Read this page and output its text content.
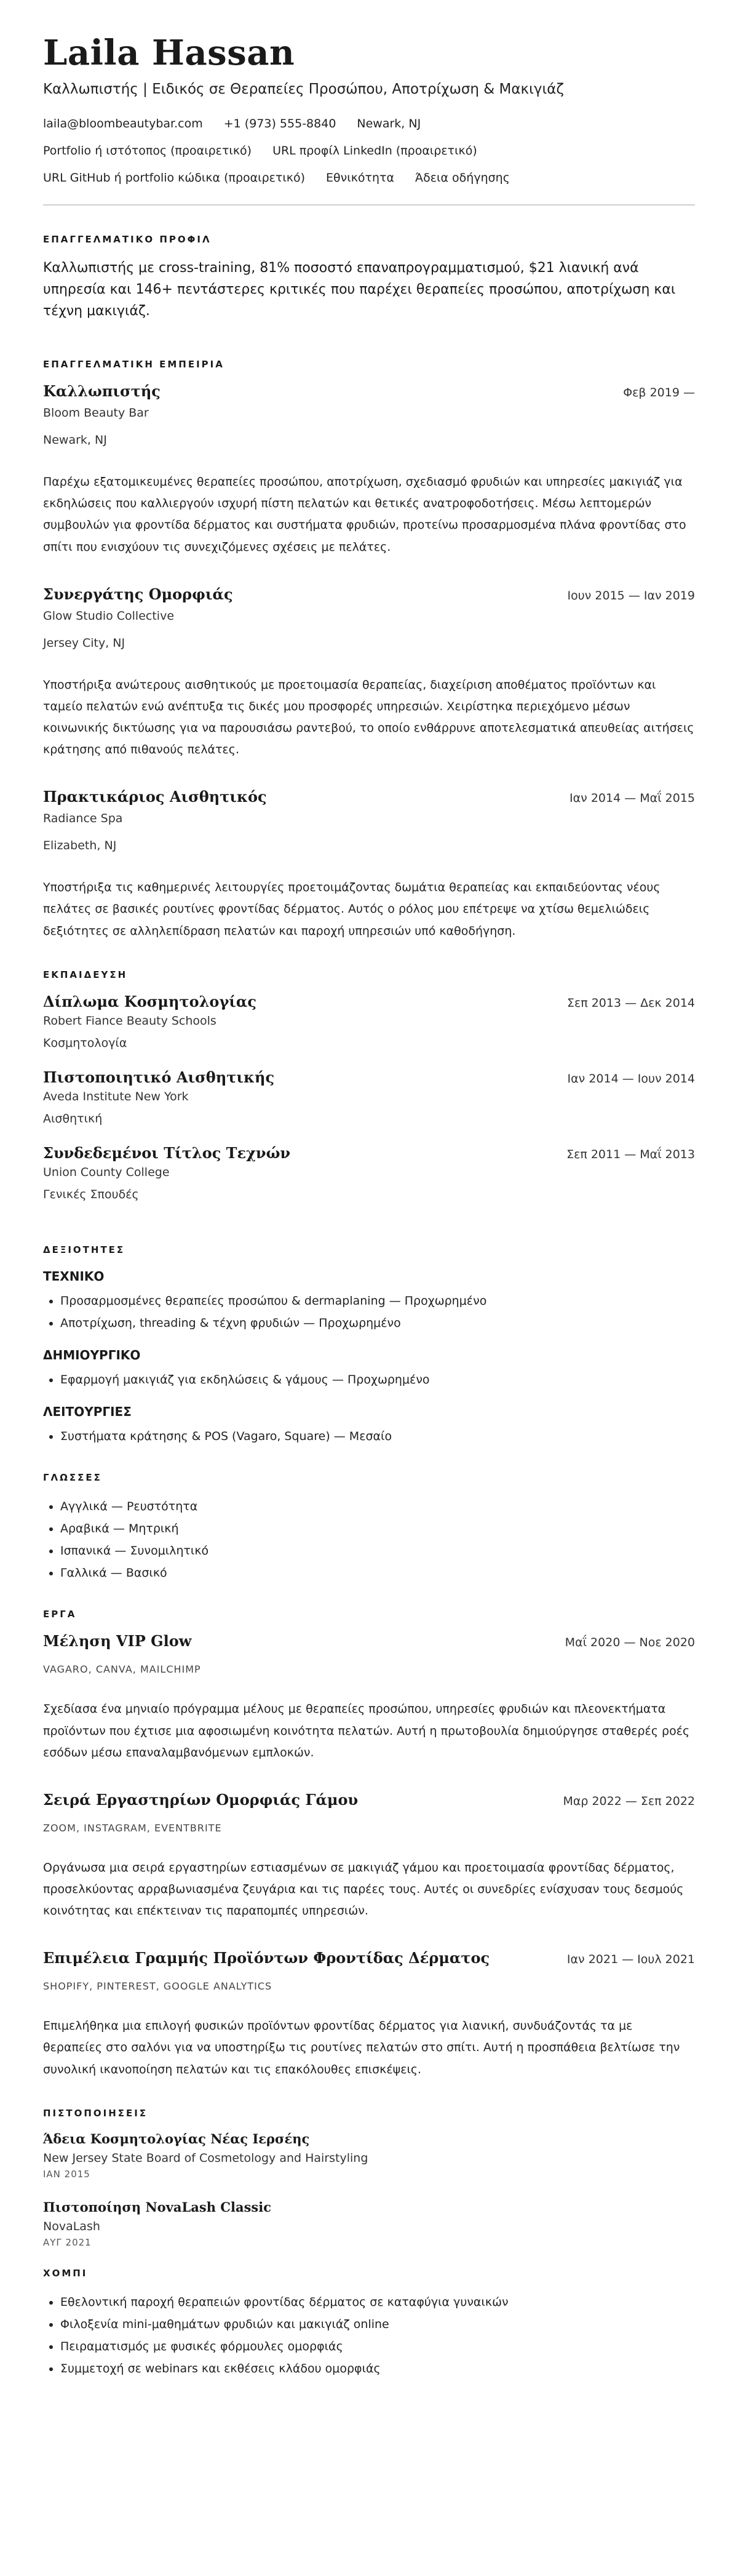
Laila Hassan
Καλλωπιστής | Ειδικός σε Θεραπείες Προσώπου, Αποτρίχωση & Μακιγιάζ
laila@bloombeautybar.com +1 (973) 555-8840 Newark, NJ
Portfolio ή ιστότοπος (προαιρετικό) URL προφίλ LinkedIn (προαιρετικό)
URL GitHub ή portfolio κώδικα (προαιρετικό) Εθνικότητα Άδεια οδήγησης
ΕΠΑΓΓΕΛΜΑΤΙΚΟ ΠΡΟΦΙΛ

Καλλωπιστής με cross-training, 81% ποσοστό επαναπρογραμματισμού, $21 λιανική ανά υπηρεσία και 146+ πεντάστερες κριτικές που παρέχει θεραπείες προσώπου, αποτρίχωση και τέχνη μακιγιάζ.

ΕΠΑΓΓΕΛΜΑΤΙΚΗ ΕΜΠΕΙΡΙΑ
Καλλωπιστής	Φεβ 2019 —
Bloom Beauty Bar
Newark, NJ
Παρέχω εξατομικευμένες θεραπείες προσώπου, αποτρίχωση, σχεδιασμό φρυδιών και υπηρεσίες μακιγιάζ για εκδηλώσεις που καλλιεργούν ισχυρή πίστη πελατών και θετικές ανατροφοδοτήσεις. Μέσω λεπτομερών συμβουλών για φροντίδα δέρματος και συστήματα φρυδιών, προτείνω προσαρμοσμένα πλάνα φροντίδας στο σπίτι που ενισχύουν τις συνεχιζόμενες σχέσεις με πελάτες.
Συνεργάτης Ομορφιάς	Ιουν 2015 — Ιαν 2019
Glow Studio Collective
Jersey City, NJ
Υποστήριξα ανώτερους αισθητικούς με προετοιμασία θεραπείας, διαχείριση αποθέματος προϊόντων και ταμείο πελατών ενώ ανέπτυξα τις δικές μου προσφορές υπηρεσιών. Χειρίστηκα περιεχόμενο μέσων κοινωνικής δικτύωσης για να παρουσιάσω ραντεβού, το οποίο ενθάρρυνε αποτελεσματικά απευθείας αιτήσεις κράτησης από πιθανούς πελάτες.
Πρακτικάριος Αισθητικός	Ιαν 2014 — Μαΐ 2015
Radiance Spa
Elizabeth, NJ
Υποστήριξα τις καθημερινές λειτουργίες προετοιμάζοντας δωμάτια θεραπείας και εκπαιδεύοντας νέους πελάτες σε βασικές ρουτίνες φροντίδας δέρματος. Αυτός ο ρόλος μου επέτρεψε να χτίσω θεμελιώδεις δεξιότητες σε αλληλεπίδραση πελατών και παροχή υπηρεσιών υπό καθοδήγηση.
ΕΚΠΑΙΔΕΥΣΗ
Δίπλωμα Κοσμητολογίας	Σεπ 2013 — Δεκ 2014
Robert Fiance Beauty Schools
Κοσμητολογία
Πιστοποιητικό Αισθητικής	Ιαν 2014 — Ιουν 2014
Aveda Institute New York
Αισθητική
Συνδεδεμένοι Τίτλος Τεχνών	Σεπ 2011 — Μαΐ 2013
Union County College
Γενικές Σπουδές
ΔΕΞΙΟΤΗΤΕΣ
ΤΕΧΝΙΚΟ
• Προσαρμοσμένες θεραπείες προσώπου & dermaplaning — Προχωρημένο
• Αποτρίχωση, threading & τέχνη φρυδιών — Προχωρημένο
ΔΗΜΙΟΥΡΓΙΚΟ
• Εφαρμογή μακιγιάζ για εκδηλώσεις & γάμους — Προχωρημένο
ΛΕΙΤΟΥΡΓΙΕΣ
• Συστήματα κράτησης & POS (Vagaro, Square) — Μεσαίο
ΓΛΩΣΣΕΣ
• Αγγλικά — Ρευστότητα
• Αραβικά — Μητρική
• Ισπανικά — Συνομιλητικό
• Γαλλικά — Βασικό
ΕΡΓΑ
Μέληση VIP Glow	Μαΐ 2020 — Νοε 2020
VAGARO, CANVA, MAILCHIMP
Σχεδίασα ένα μηνιαίο πρόγραμμα μέλους με θεραπείες προσώπου, υπηρεσίες φρυδιών και πλεονεκτήματα προϊόντων που έχτισε μια αφοσιωμένη κοινότητα πελατών. Αυτή η πρωτοβουλία δημιούργησε σταθερές ροές εσόδων μέσω επαναλαμβανόμενων εμπλοκών.
Σειρά Εργαστηρίων Ομορφιάς Γάμου	Μαρ 2022 — Σεπ 2022
ZOOM, INSTAGRAM, EVENTBRITE
Οργάνωσα μια σειρά εργαστηρίων εστιασμένων σε μακιγιάζ γάμου και προετοιμασία φροντίδας δέρματος, προσελκύοντας αρραβωνιασμένα ζευγάρια και τις παρέες τους. Αυτές οι συνεδρίες ενίσχυσαν τους δεσμούς κοινότητας και επέκτειναν τις παραπομπές υπηρεσιών.
Επιμέλεια Γραμμής Προϊόντων Φροντίδας Δέρματος	Ιαν 2021 — Ιουλ 2021
SHOPIFY, PINTEREST, GOOGLE ANALYTICS
Επιμελήθηκα μια επιλογή φυσικών προϊόντων φροντίδας δέρματος για λιανική, συνδυάζοντάς τα με θεραπείες στο σαλόνι για να υποστηρίξω τις ρουτίνες πελατών στο σπίτι. Αυτή η προσπάθεια βελτίωσε την συνολική ικανοποίηση πελατών και τις επακόλουθες επισκέψεις.
ΠΙΣΤΟΠΟΙΗΣΕΙΣ
Άδεια Κοσμητολογίας Νέας Ιερσέης
New Jersey State Board of Cosmetology and Hairstyling
ΙΑΝ 2015
Πιστοποίηση NovaLash Classic
NovaLash
ΑΥΓ 2021
ΧΟΜΠΙ
• Εθελοντική παροχή θεραπειών φροντίδας δέρματος σε καταφύγια γυναικών
• Φιλοξενία mini-μαθημάτων φρυδιών και μακιγιάζ online
• Πειραματισμός με φυσικές φόρμουλες ομορφιάς
• Συμμετοχή σε webinars και εκθέσεις κλάδου ομορφιάς
